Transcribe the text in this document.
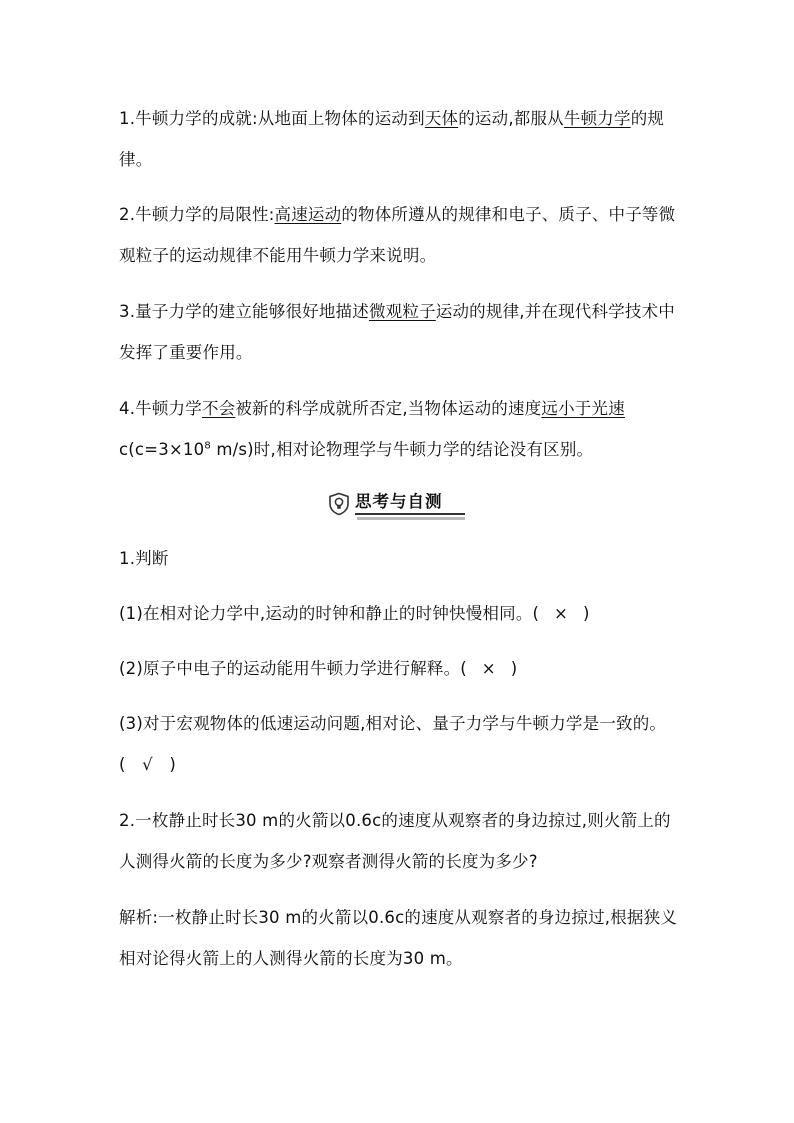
1.牛顿力学的成就:从地面上物体的运动到天体的运动,都服从牛顿力学的规律。

2.牛顿力学的局限性:高速运动的物体所遵从的规律和电子、质子、中子等微观粒子的运动规律不能用牛顿力学来说明。

3.量子力学的建立能够很好地描述微观粒子运动的规律,并在现代科学技术中发挥了重要作用。

4.牛顿力学不会被新的科学成就所否定,当物体运动的速度远小于光速$c(c=3\times 10^8$ m/s)时,相对论物理学与牛顿力学的结论没有区别。

思考与自测

1.判断

(1)在相对论力学中,运动的时钟和静止的时钟快慢相同。( × )

(2)原子中电子的运动能用牛顿力学进行解释。( × )

(3)对于宏观物体的低速运动问题,相对论、量子力学与牛顿力学是一致的。( √ )

2.一枚静止时长30 m的火箭以0.6c的速度从观察者的身边掠过,则火箭上的人测得火箭的长度为多少?观察者测得火箭的长度为多少?

解析:一枚静止时长30 m的火箭以0.6c的速度从观察者的身边掠过,根据狭义相对论得火箭上的人测得火箭的长度为30 m。
